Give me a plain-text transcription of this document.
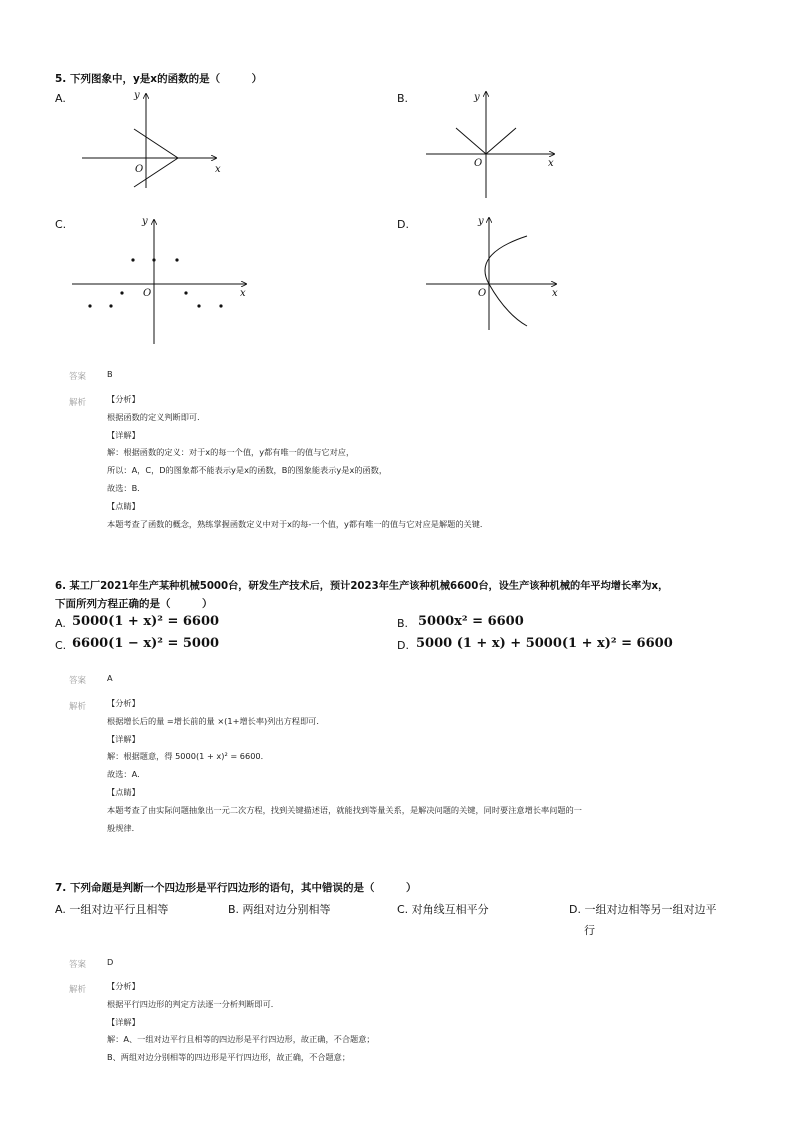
5. 下列图象中，y是x的函数的是（　　　）
A.	y
x
O
B.	y
x
O
C.	y
x
O
D.	y
x
O
答案	B
解析	【分析】
根据函数的定义判断即可．
【详解】
解：根据函数的定义：对于x的每一个值，y都有唯一的值与它对应，
所以：A，C，D的图象都不能表示y是x的函数，B的图象能表示y是x的函数，
故选：B．
【点睛】
本题考查了函数的概念，熟练掌握函数定义中对于x的每-一个值，y都有唯一的值与它对应是解题的关键．
6. 某工厂2021年生产某种机械5000台，研发生产技术后，预计2023年生产该种机械6600台，设生产该种机械的年平均增长率为x，
下面所列方程正确的是（　　　）
A. 5000(1 + x)² = 6600	B. 5000x² = 6600
C. 6600(1 − x)² = 5000	D. 5000 (1 + x) + 5000(1 + x)² = 6600
答案	A
解析	【分析】
根据增长后的量 =增长前的量 ×(1+增长率)列出方程即可．
【详解】
解：根据题意，得 5000(1 + x)² = 6600．
故选：A．
【点睛】
本题考查了由实际问题抽象出一元二次方程，找到关键描述语，就能找到等量关系，是解决问题的关键，同时要注意增长率问题的一
般规律．
7. 下列命题是判断一个四边形是平行四边形的语句，其中错误的是（　　　）
A. 一组对边平行且相等	B. 两组对边分别相等	C. 对角线互相平分	D. 一组对边相等另一组对边平
行
答案	D
解析	【分析】
根据平行四边形的判定方法逐一分析判断即可．
【详解】
解：A、一组对边平行且相等的四边形是平行四边形，故正确，不合题意；
B、两组对边分别相等的四边形是平行四边形，故正确，不合题意；
